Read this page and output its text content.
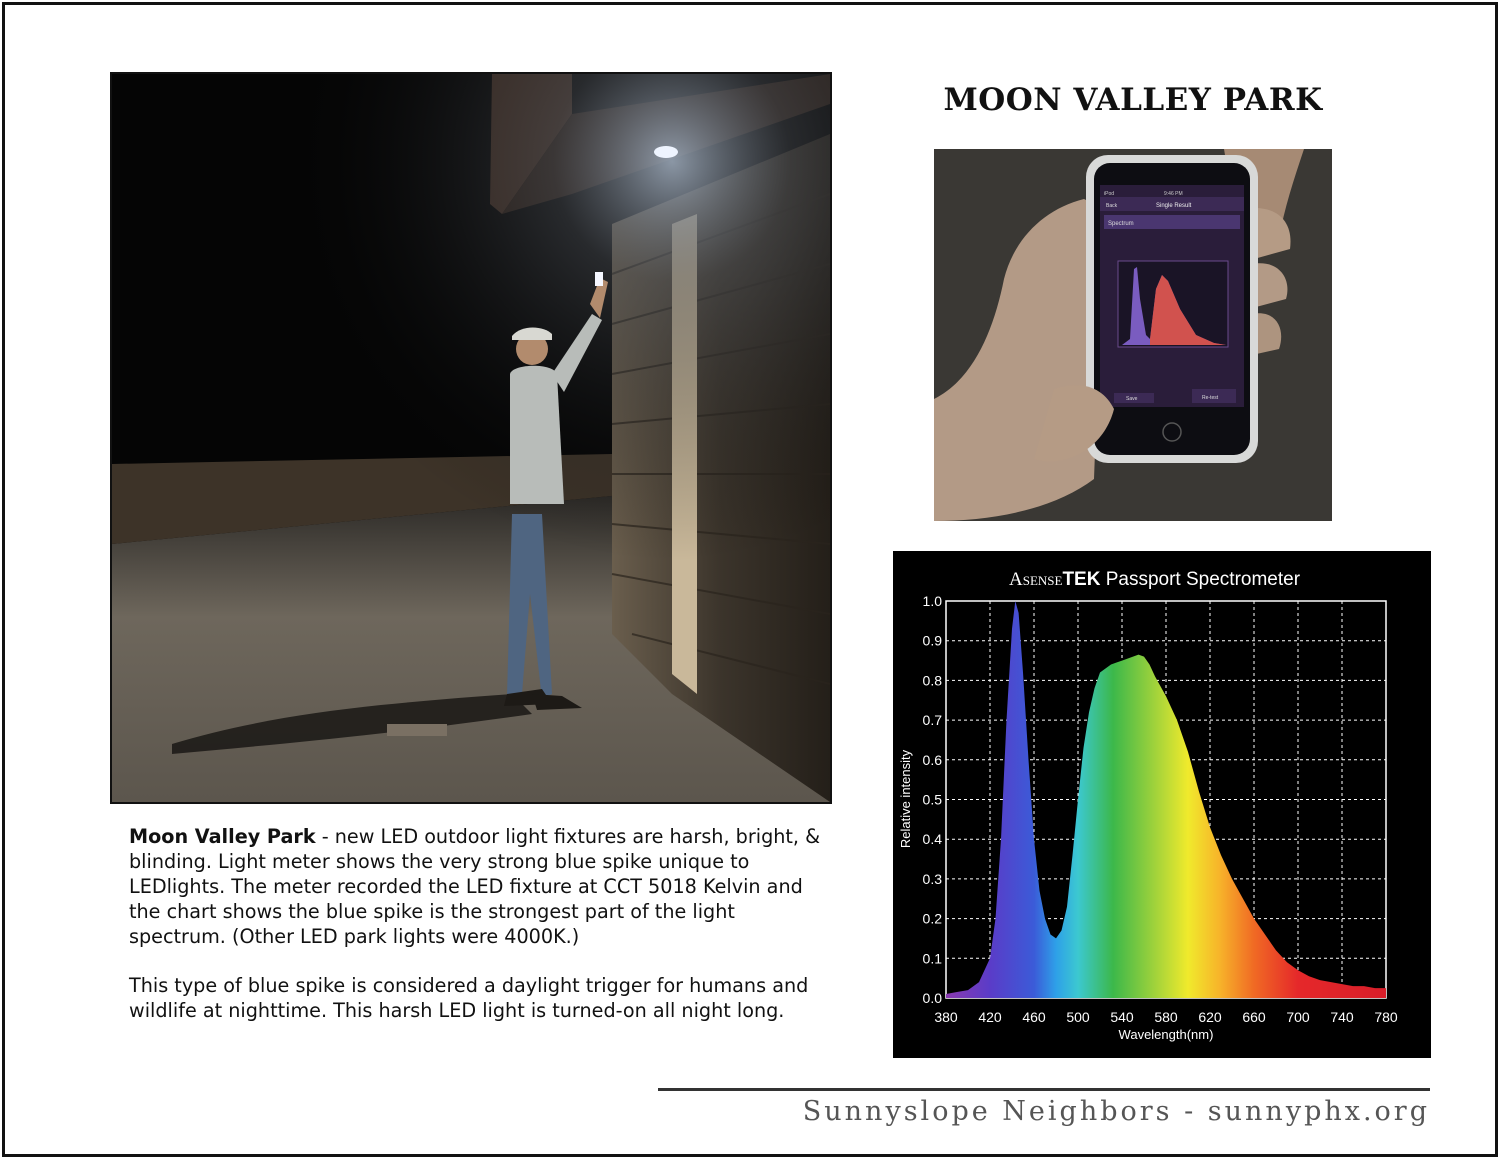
MOON VALLEY PARK
iPod	9:46 PM
Back	Single Result
Spectrum
Save	Re-test
AsenseTEK Passport Spectrometer
380 420 460 500 540 580 620 660 700 740 780
0.0
0.1
0.2
0.3
0.4
0.5
0.6
0.7
0.8
0.9
1.0
Wavelength(nm)
Relative intensity

Moon Valley Park - new LED outdoor light fixtures are harsh, bright, & blinding. Light meter shows the very strong blue spike unique to LEDlights. The meter recorded the LED fixture at CCT 5018 Kelvin and the chart shows the blue spike is the strongest part of the light spectrum. (Other LED park lights were 4000K.)

This type of blue spike is considered a daylight trigger for humans and wildlife at nighttime. This harsh LED light is turned-on all night long.

Sunnyslope Neighbors - sunnyphx.org
